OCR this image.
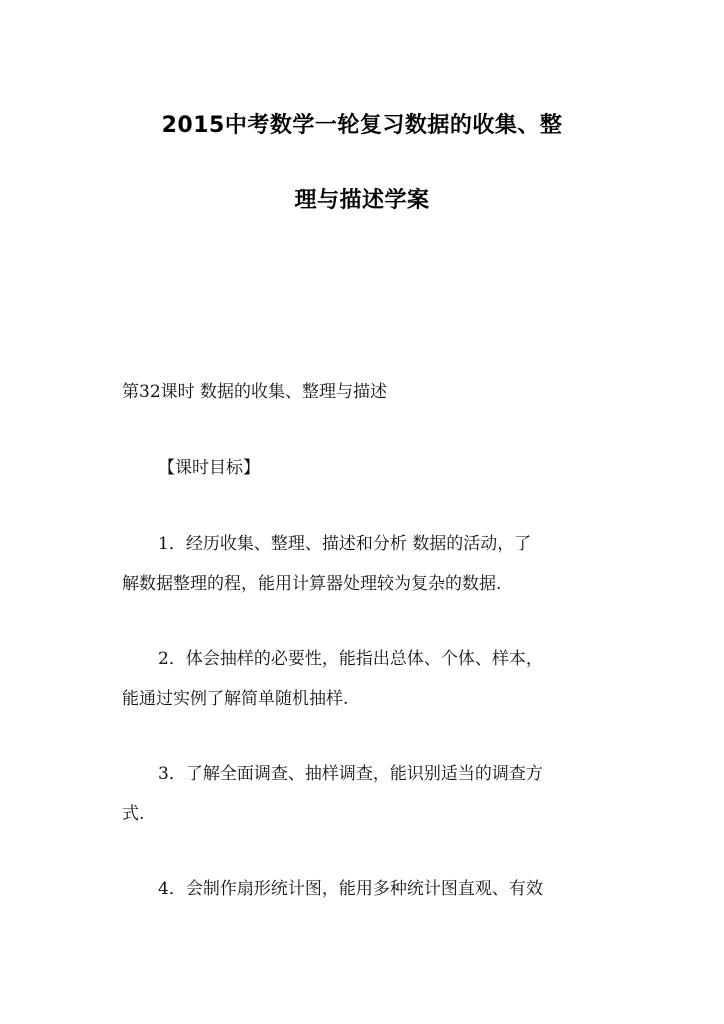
2015中考数学一轮复习数据的收集、整
理与描述学案
第32课时 数据的收集、整理与描述
【课时目标】
1．经历收集、整理、描述和分析 数据的活动，了
解数据整理的程，能用计算器处理较为复杂的数据.
2．体会抽样的必要性，能指出总体、个体、样本，
能通过实例了解简单随机抽样.
3．了解全面调查、抽样调查，能识别适当的调查方
式.
4．会制作扇形统计图，能用多种统计图直观、有效
